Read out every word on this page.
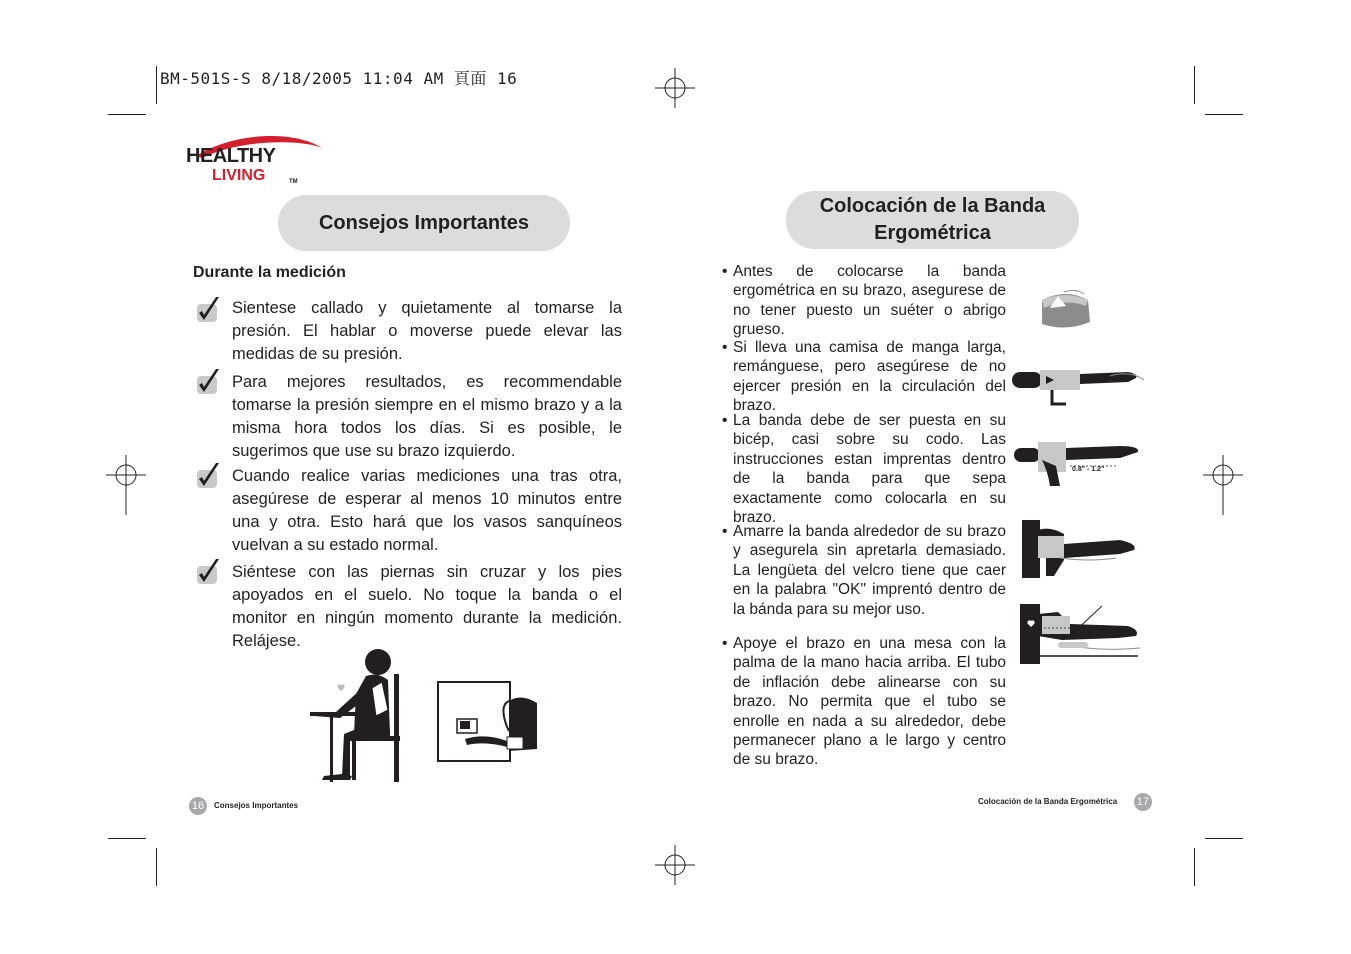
BM-501S-S 8/18/2005 11:04 AM 頁面 16
HEALTHY
LIVING	TM
Consejos Importantes
Durante la medición
Sientese callado y quietamente al tomarse la presión. El hablar o moverse puede elevar las medidas de su presión.
Para mejores resultados, es recommendable tomarse la presión siempre en el mismo brazo y a la misma hora todos los días. Si es posible, le sugerimos que use su brazo izquierdo.
Cuando realice varias mediciones una tras otra, asegúrese de esperar al menos 10 minutos entre una y otra. Esto hará que los vasos sanquíneos vuelvan a su estado normal.
Siéntese con las piernas sin cruzar y los pies apoyados en el suelo. No toque la banda o el monitor en ningún momento durante la medición. Relájese.
16	Consejos Importantes
Colocación de la Banda
Ergométrica
• Antes de colocarse la banda ergométrica en su brazo, asegurese de no tener puesto un suéter o abrigo grueso.
• Si lleva una camisa de manga larga, remánguese, pero asegúrese de no ejercer presión en la circulación del brazo.
• La banda debe de ser puesta en su bicép, casi sobre su codo. Las instrucciones estan imprentas dentro de la banda para que sepa exactamente como colocarla en su brazo.
• Amarre la banda alrededor de su brazo y asegurela sin apretarla demasiado. La lengüeta del velcro tiene que caer en la palabra "OK" imprentó dentro de la bánda para su mejor uso.
• Apoye el brazo en una mesa con la palma de la mano hacia arriba. El tubo de inflación debe alinearse con su brazo. No permita que el tubo se enrolle en nada a su alrededor, debe permanecer plano a le largo y centro de su brazo.
0.8" - 1.2"
Colocación de la Banda Ergométrica 17
